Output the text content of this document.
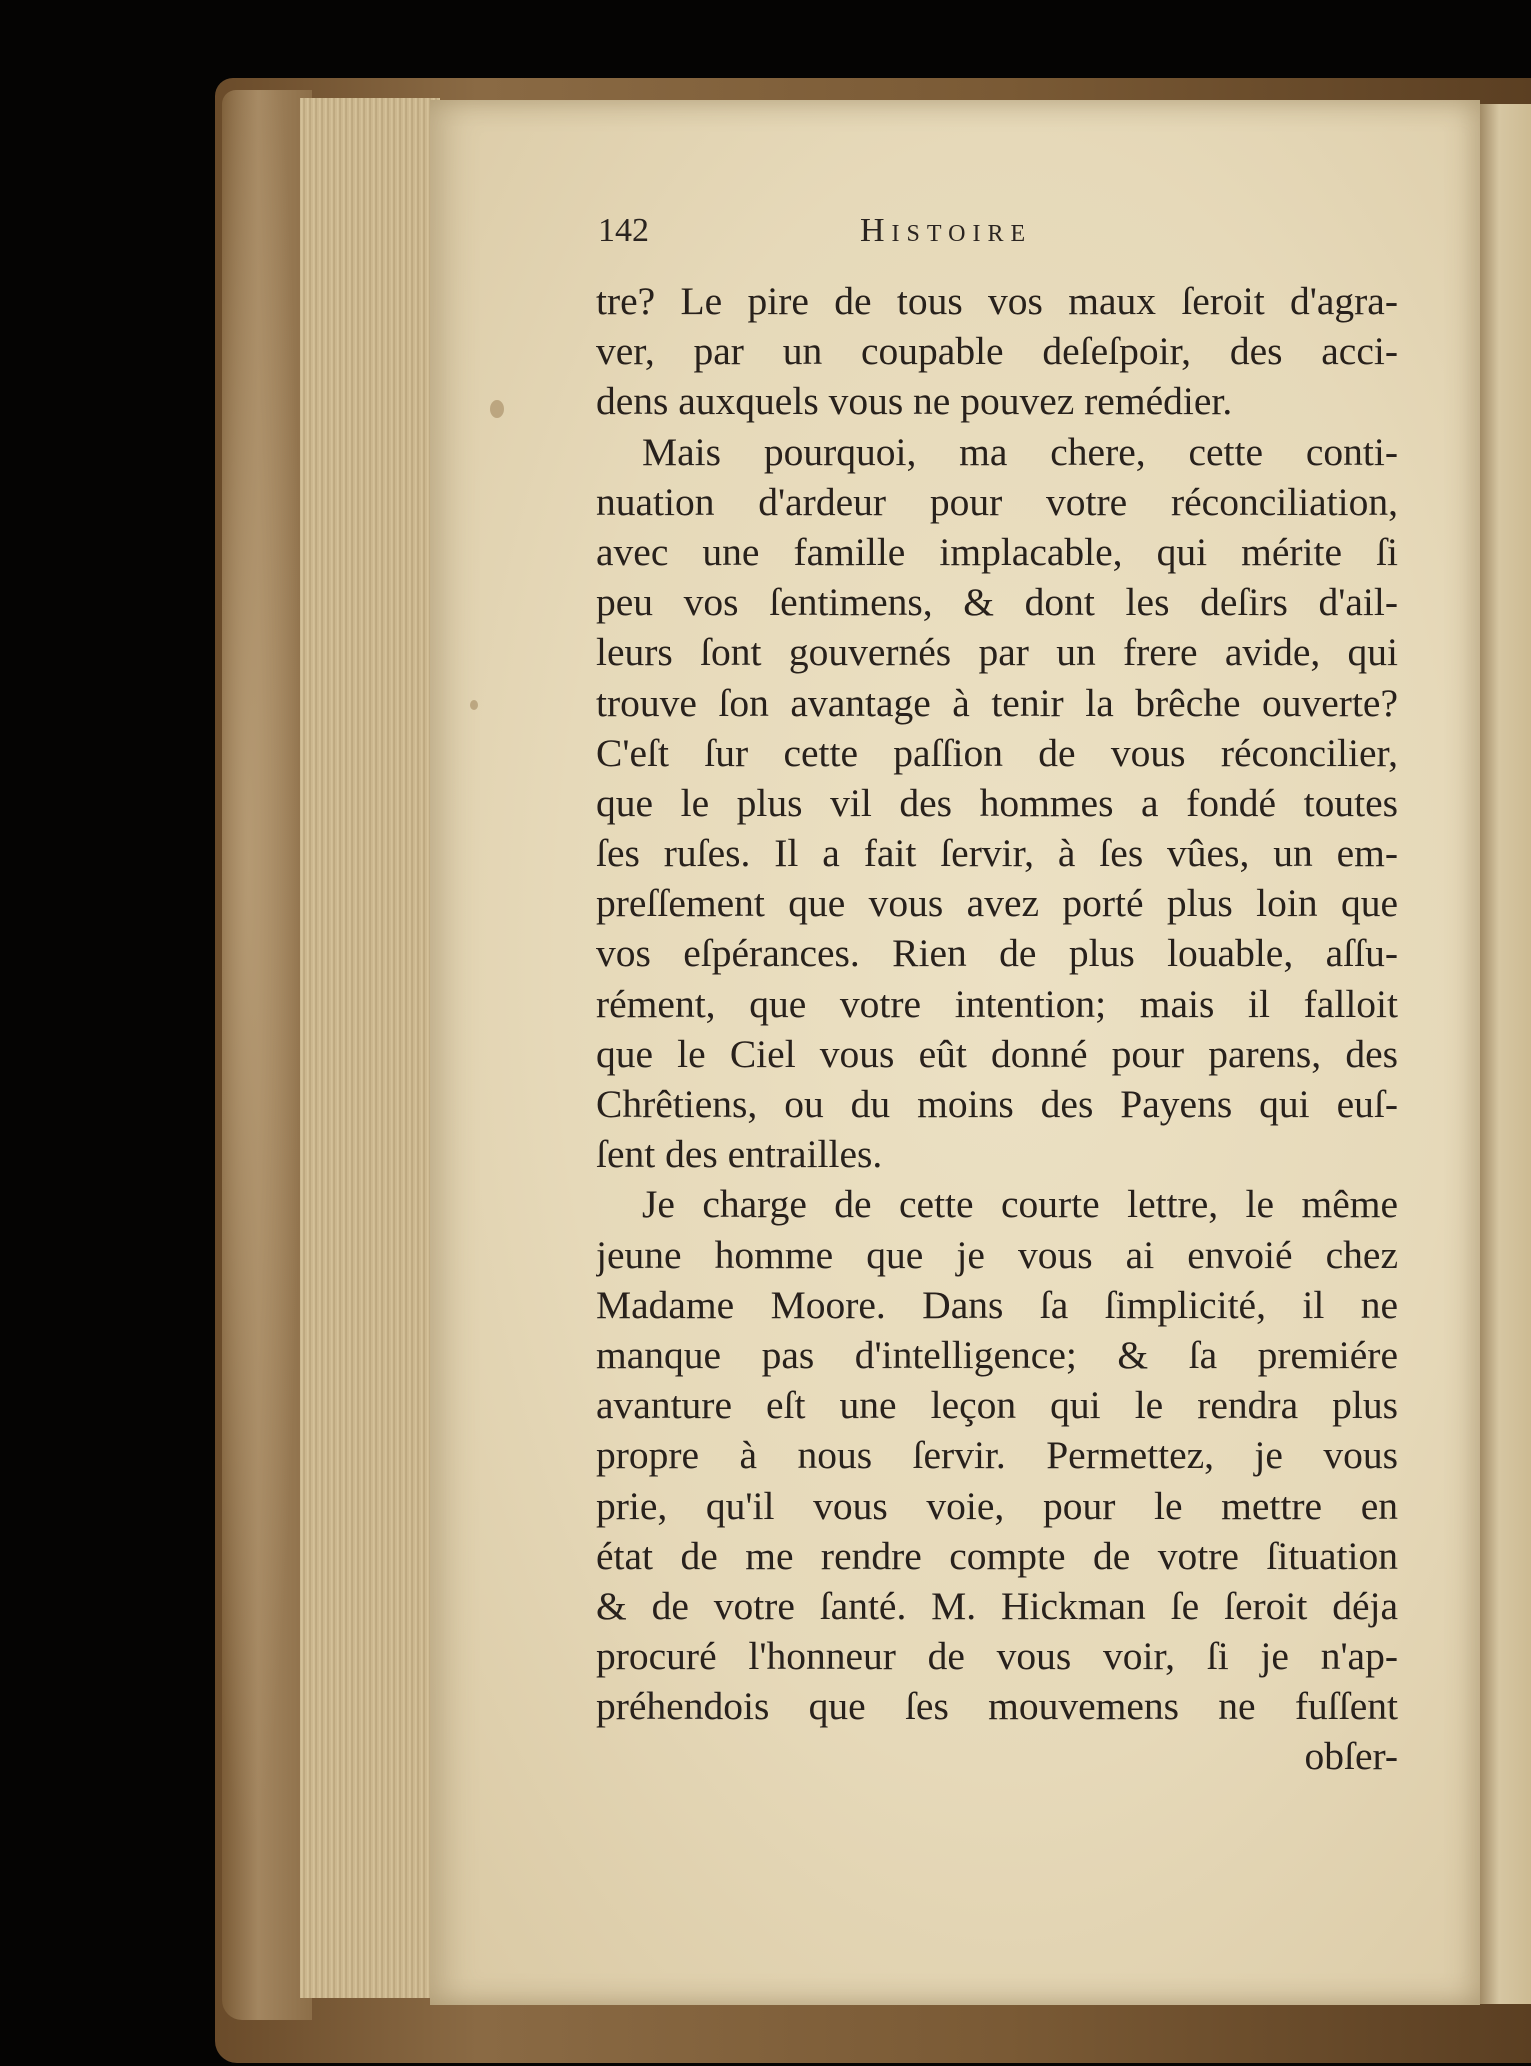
142	Histoire
tre? Le pire de tous vos maux ſeroit d'agra-
ver, par un coupable deſeſpoir, des acci-
dens auxquels vous ne pouvez remédier.
Mais pourquoi, ma chere, cette conti-
nuation d'ardeur pour votre réconciliation,
avec une famille implacable, qui mérite ſi
peu vos ſentimens, & dont les deſirs d'ail-
leurs ſont gouvernés par un frere avide, qui
trouve ſon avantage à tenir la brêche ouverte?
C'eſt ſur cette paſſion de vous réconcilier,
que le plus vil des hommes a fondé toutes
ſes ruſes. Il a fait ſervir, à ſes vûes, un em-
preſſement que vous avez porté plus loin que
vos eſpérances. Rien de plus louable, aſſu-
rément, que votre intention; mais il falloit
que le Ciel vous eût donné pour parens, des
Chrêtiens, ou du moins des Payens qui euſ-
ſent des entrailles.
Je charge de cette courte lettre, le même
jeune homme que je vous ai envoié chez
Madame Moore. Dans ſa ſimplicité, il ne
manque pas d'intelligence; & ſa premiére
avanture eſt une leçon qui le rendra plus
propre à nous ſervir. Permettez, je vous
prie, qu'il vous voie, pour le mettre en
état de me rendre compte de votre ſituation
& de votre ſanté. M. Hickman ſe ſeroit déja
procuré l'honneur de vous voir, ſi je n'ap-
préhendois que ſes mouvemens ne fuſſent
obſer-
